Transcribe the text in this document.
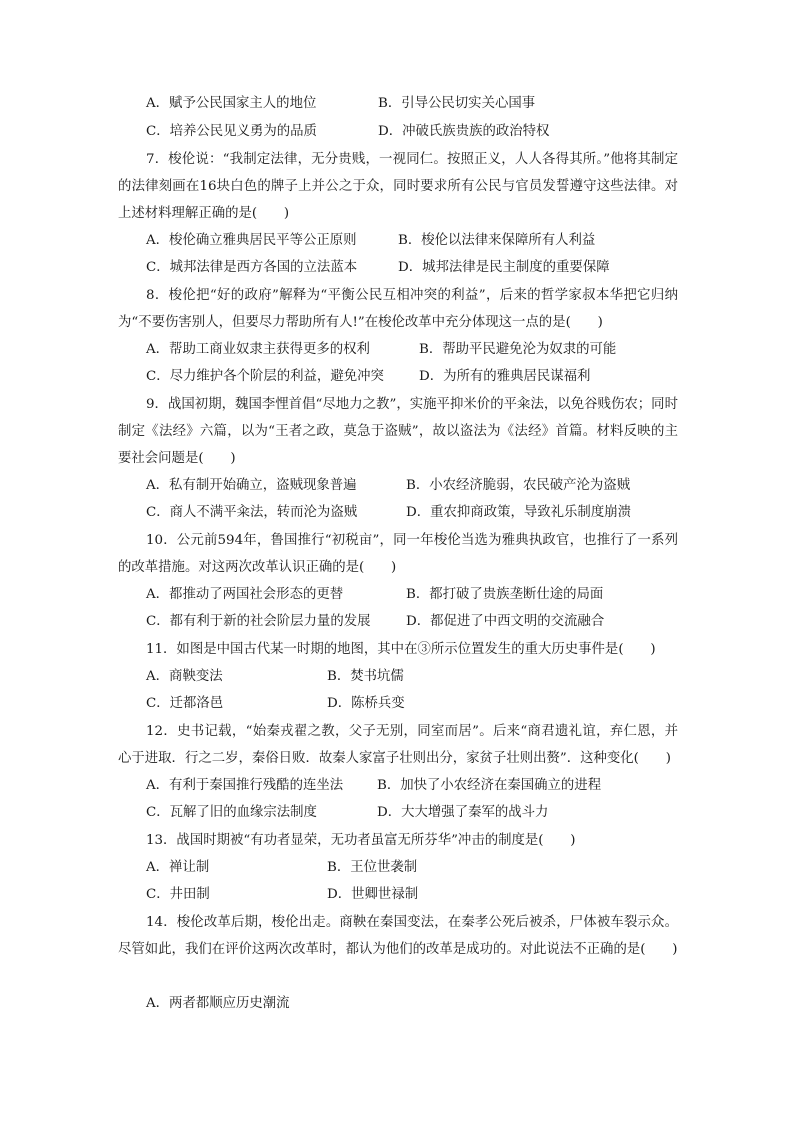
A．赋予公民国家主人的地位	B．引导公民切实关心国事
C．培养公民见义勇为的品质	D．冲破氏族贵族的政治特权
7．梭伦说：“我制定法律，无分贵贱，一视同仁。按照正义，人人各得其所。”他将其制定的法律刻画在16块白色的牌子上并公之于众，同时要求所有公民与官员发誓遵守这些法律。对上述材料理解正确的是(　　)
A．梭伦确立雅典居民平等公正原则	B．梭伦以法律来保障所有人利益
C．城邦法律是西方各国的立法蓝本	D．城邦法律是民主制度的重要保障
8．梭伦把“好的政府”解释为“平衡公民互相冲突的利益”，后来的哲学家叔本华把它归纳为“不要伤害别人，但要尽力帮助所有人!”在梭伦改革中充分体现这一点的是(　　)
A．帮助工商业奴隶主获得更多的权利	B．帮助平民避免沦为奴隶的可能
C．尽力维护各个阶层的利益，避免冲突	D．为所有的雅典居民谋福利
9．战国初期，魏国李悝首倡“尽地力之教”，实施平抑米价的平籴法，以免谷贱伤农；同时制定《法经》六篇，以为“王者之政，莫急于盗贼”，故以盗法为《法经》首篇。材料反映的主要社会问题是(　　)
A．私有制开始确立，盗贼现象普遍	B．小农经济脆弱，农民破产沦为盗贼
C．商人不满平籴法，转而沦为盗贼	D．重农抑商政策，导致礼乐制度崩溃
10．公元前594年，鲁国推行“初税亩”，同一年梭伦当选为雅典执政官，也推行了一系列的改革措施。对这两次改革认识正确的是(　　)
A．都推动了两国社会形态的更替	B．都打破了贵族垄断仕途的局面
C．都有利于新的社会阶层力量的发展	D．都促进了中西文明的交流融合
11．如图是中国古代某一时期的地图，其中在③所示位置发生的重大历史事件是(　　)
A．商鞅变法	B．焚书坑儒
C．迁都洛邑	D．陈桥兵变
12．史书记载，“始秦戎翟之教，父子无别，同室而居”。后来“商君遗礼谊，弃仁恩，并心于进取．行之二岁，秦俗日败．故秦人家富子壮则出分，家贫子壮则出赘”．这种变化(　　)
A．有利于秦国推行残酷的连坐法	B．加快了小农经济在秦国确立的进程
C．瓦解了旧的血缘宗法制度	D．大大增强了秦军的战斗力
13．战国时期被“有功者显荣，无功者虽富无所芬华”冲击的制度是(　　)
A．禅让制	B．王位世袭制
C．井田制	D．世卿世禄制
14．梭伦改革后期，梭伦出走。商鞅在秦国变法，在秦孝公死后被杀，尸体被车裂示众。尽管如此，我们在评价这两次改革时，都认为他们的改革是成功的。对此说法不正确的是(　　)
A．两者都顺应历史潮流
